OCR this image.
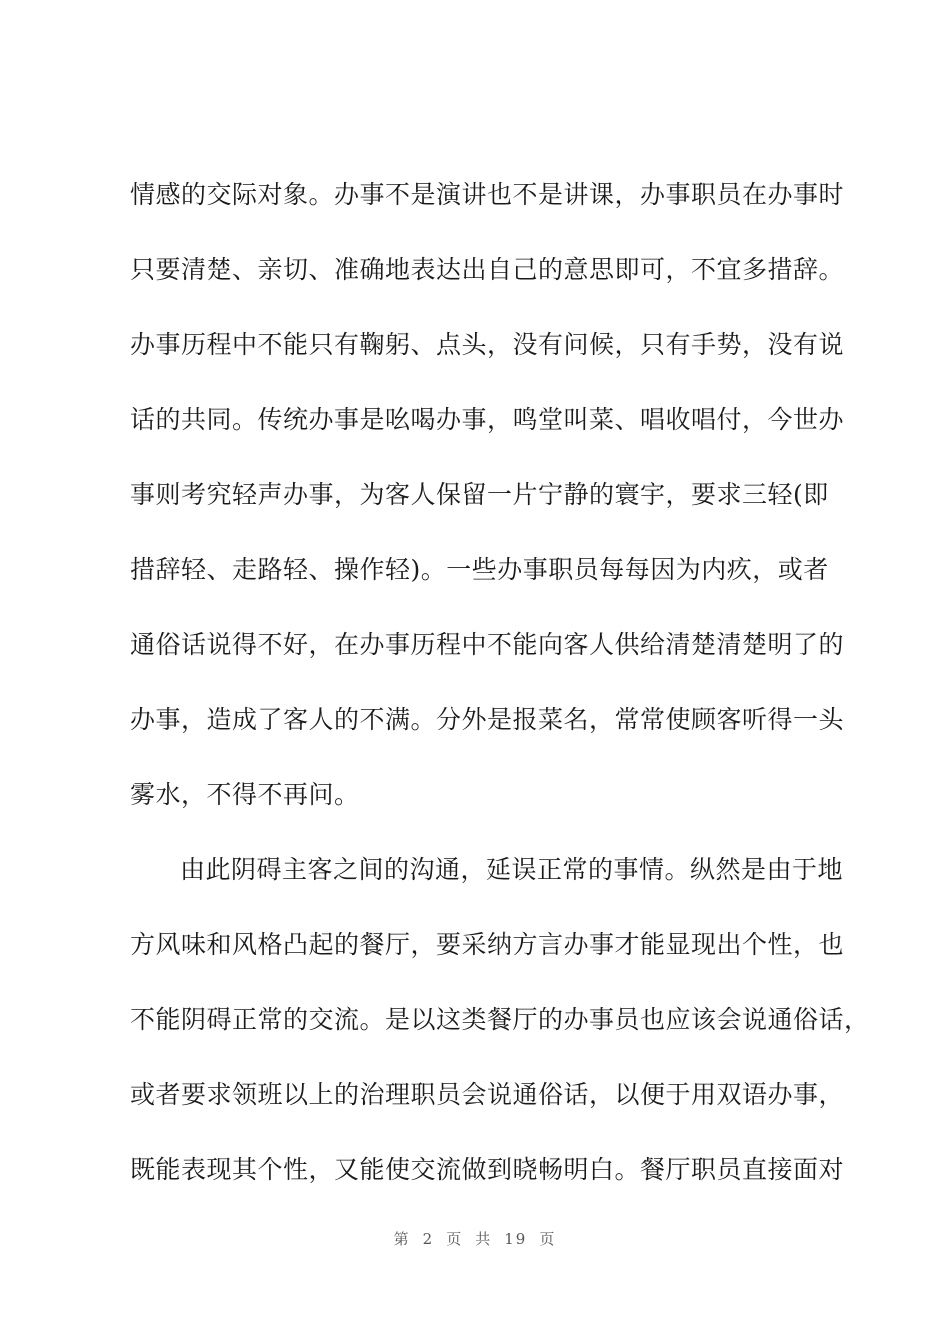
情感的交际对象。办事不是演讲也不是讲课，办事职员在办事时
只要清楚、亲切、准确地表达出自己的意思即可，不宜多措辞。
办事历程中不能只有鞠躬、点头，没有问候，只有手势，没有说
话的共同。传统办事是吆喝办事，鸣堂叫菜、唱收唱付，今世办
事则考究轻声办事，为客人保留一片宁静的寰宇，要求三轻(即
措辞轻、走路轻、操作轻)。一些办事职员每每因为内疚，或者
通俗话说得不好，在办事历程中不能向客人供给清楚清楚明了的
办事，造成了客人的不满。分外是报菜名，常常使顾客听得一头
雾水，不得不再问。
由此阴碍主客之间的沟通，延误正常的事情。纵然是由于地
方风味和风格凸起的餐厅，要采纳方言办事才能显现出个性，也
不能阴碍正常的交流。是以这类餐厅的办事员也应该会说通俗话，
或者要求领班以上的治理职员会说通俗话，以便于用双语办事，
既能表现其个性，又能使交流做到晓畅明白。餐厅职员直接面对
第 2 页 共 19 页
